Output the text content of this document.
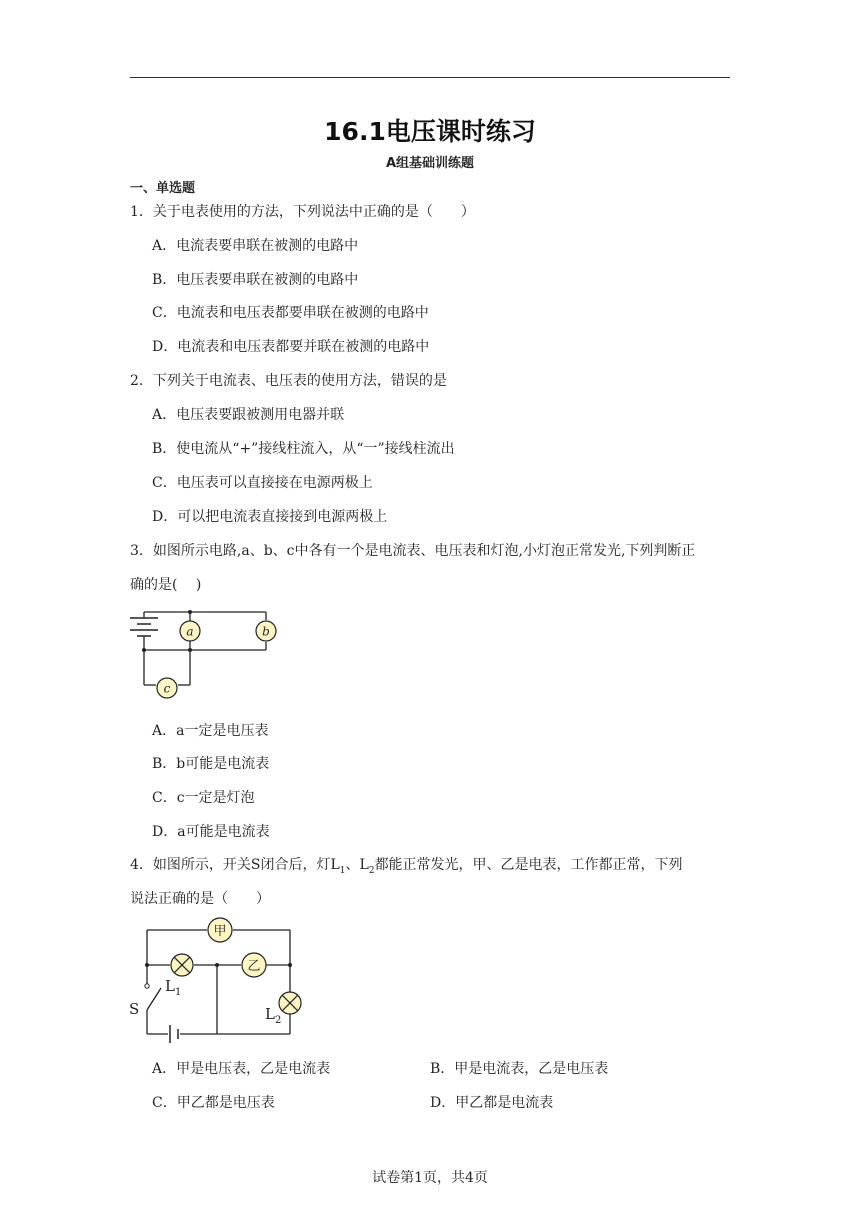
16.1电压课时练习
A组基础训练题
一、单选题
1．关于电表使用的方法，下列说法中正确的是（　　）
A．电流表要串联在被测的电路中
B．电压表要串联在被测的电路中
C．电流表和电压表都要串联在被测的电路中
D．电流表和电压表都要并联在被测的电路中
2．下列关于电流表、电压表的使用方法，错误的是
A．电压表要跟被测用电器并联
B．使电流从“+”接线柱流入，从“一”接线柱流出
C．电压表可以直接接在电源两极上
D．可以把电流表直接接到电源两极上
3．如图所示电路,a、b、c中各有一个是电流表、电压表和灯泡,小灯泡正常发光,下列判断正
确的是(　 )
a	b
c
A．a一定是电压表
B．b可能是电流表
C．c一定是灯泡
D．a可能是电流表
4．如图所示，开关S闭合后，灯$L_1$、$L_2$都能正常发光，甲、乙是电表，工作都正常，下列
说法正确的是（　　）
甲
乙
$L_1$
$L_2$
S
A．甲是电压表，乙是电流表	B．甲是电流表，乙是电压表
C．甲乙都是电压表	D．甲乙都是电流表
试卷第1页，共4页
